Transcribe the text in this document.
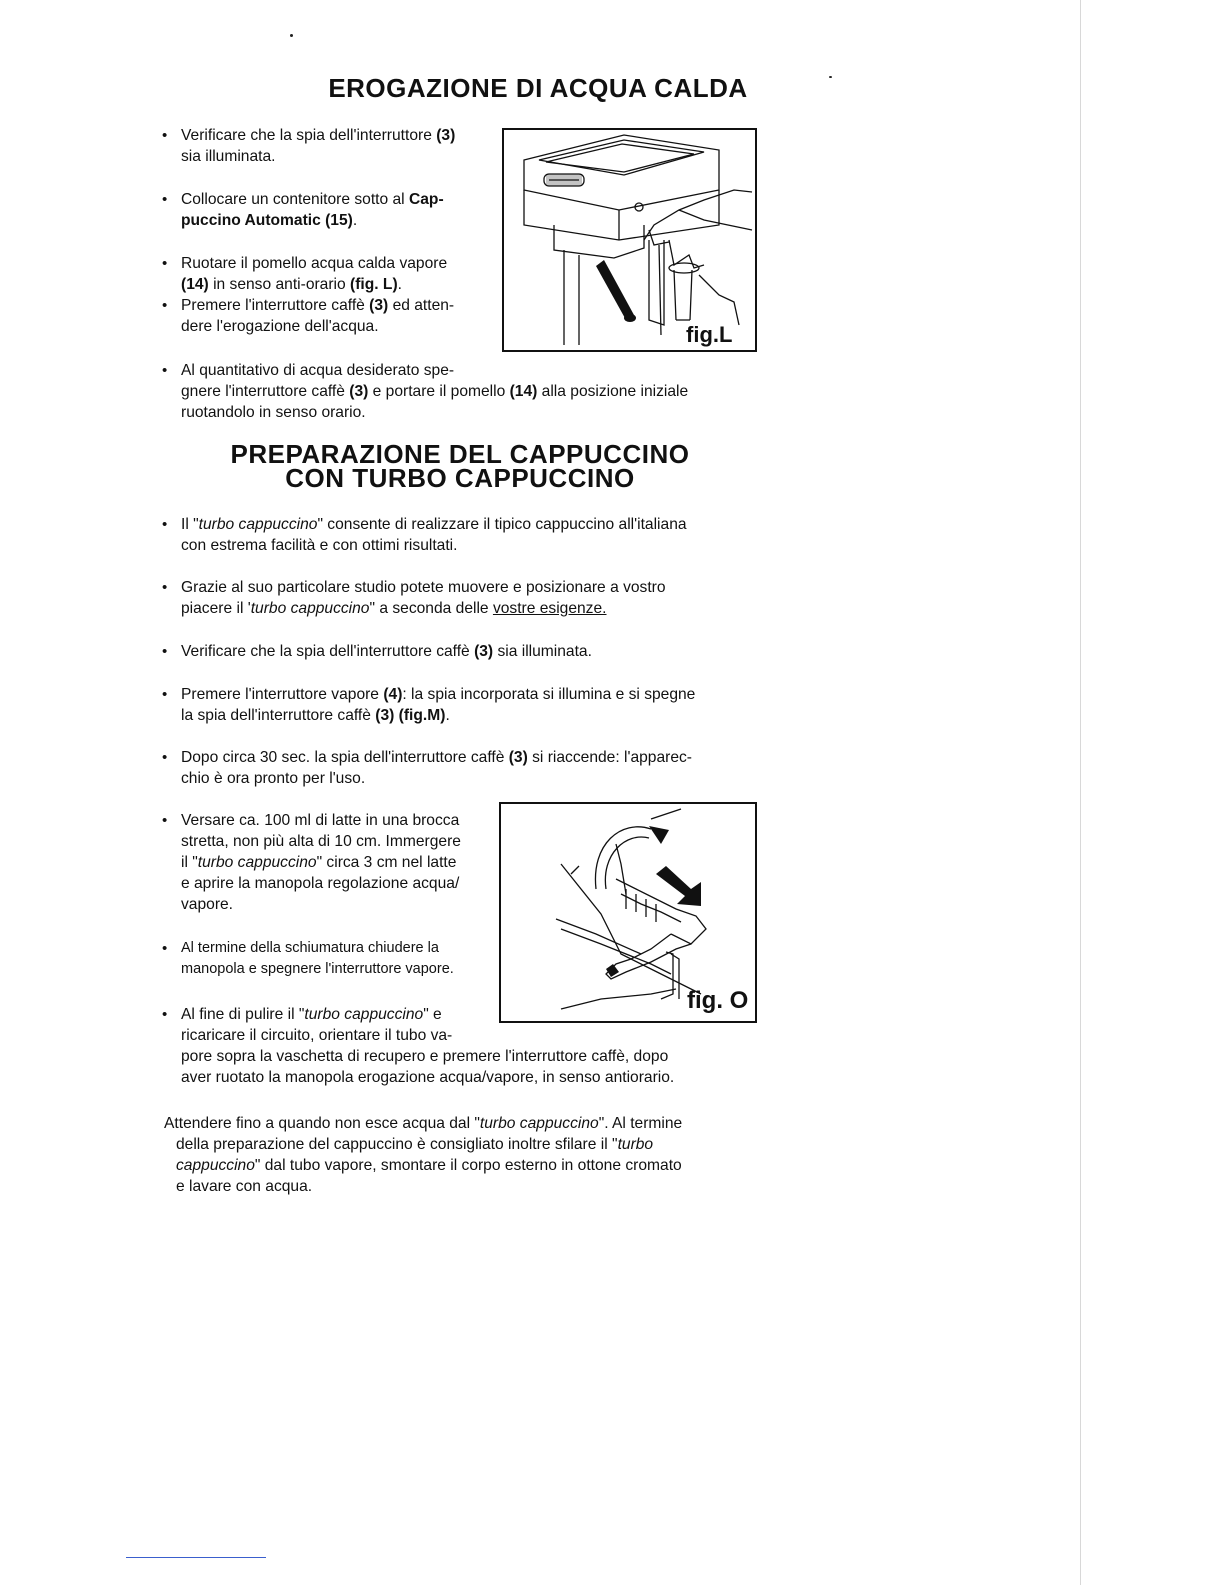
EROGAZIONE DI ACQUA CALDA
• Verificare che la spia dell'interruttore (3)
sia illuminata.
• Collocare un contenitore sotto al Cap-
puccino Automatic (15).
• Ruotare il pomello acqua calda vapore
(14) in senso anti-orario (fig. L).
• Premere l'interruttore caffè (3) ed atten-
dere l'erogazione dell'acqua.	fig.L
• Al quantitativo di acqua desiderato spe-
gnere l'interruttore caffè (3) e portare il pomello (14) alla posizione iniziale
ruotandolo in senso orario.
PREPARAZIONE DEL CAPPUCCINO
CON TURBO CAPPUCCINO
• Il "turbo cappuccino" consente di realizzare il tipico cappuccino all'italiana
con estrema facilità e con ottimi risultati.
• Grazie al suo particolare studio potete muovere e posizionare a vostro
piacere il 'turbo cappuccino" a seconda delle vostre esigenze.
• Verificare che la spia dell'interruttore caffè (3) sia illuminata.
• Premere l'interruttore vapore (4): la spia incorporata si illumina e si spegne
la spia dell'interruttore caffè (3) (fig.M).
• Dopo circa 30 sec. la spia dell'interruttore caffè (3) si riaccende: l'apparec-
chio è ora pronto per l'uso.
• Versare ca. 100 ml di latte in una brocca
stretta, non più alta di 10 cm. Immergere
il "turbo cappuccino" circa 3 cm nel latte
e aprire la manopola regolazione acqua/
vapore.
• Al termine della schiumatura chiudere la
manopola e spegnere l'interruttore vapore.
fig. O
• Al fine di pulire il "turbo cappuccino" e
ricaricare il circuito, orientare il tubo va-
pore sopra la vaschetta di recupero e premere l'interruttore caffè, dopo
aver ruotato la manopola erogazione acqua/vapore, in senso antiorario.
Attendere fino a quando non esce acqua dal "turbo cappuccino". Al termine
della preparazione del cappuccino è consigliato inoltre sfilare il "turbo
cappuccino" dal tubo vapore, smontare il corpo esterno in ottone cromato
e lavare con acqua.
